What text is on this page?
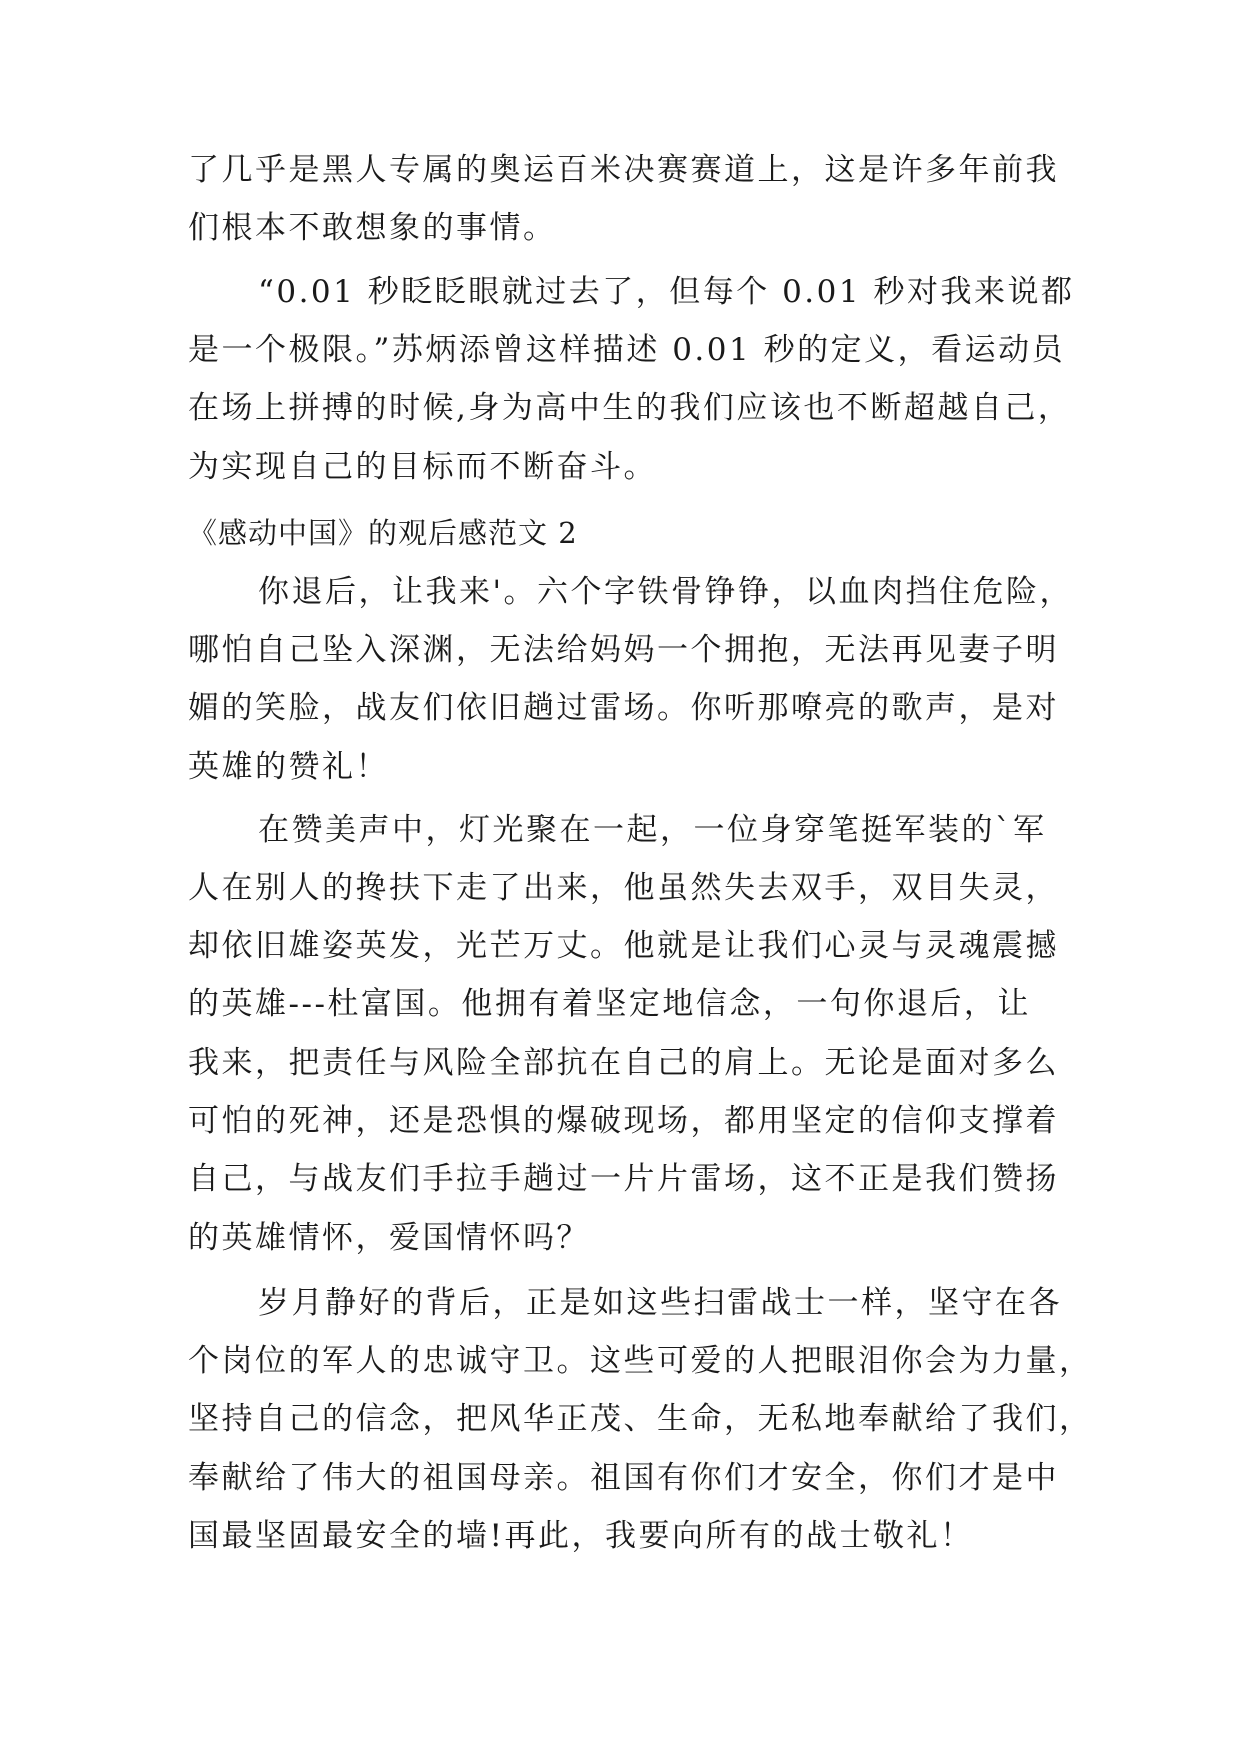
了几乎是黑人专属的奥运百米决赛赛道上，这是许多年前我
们根本不敢想象的事情。
“0.01 秒眨眨眼就过去了，但每个 0.01 秒对我来说都
是一个极限。”苏炳添曾这样描述 0.01 秒的定义，看运动员
在场上拼搏的时候,身为高中生的我们应该也不断超越自己，
为实现自己的目标而不断奋斗。
《感动中国》的观后感范文 2
你退后，让我来'。六个字铁骨铮铮，以血肉挡住危险，
哪怕自己坠入深渊，无法给妈妈一个拥抱，无法再见妻子明
媚的笑脸，战友们依旧趟过雷场。你听那嘹亮的歌声，是对
英雄的赞礼！
在赞美声中，灯光聚在一起，一位身穿笔挺军装的`军
人在别人的搀扶下走了出来，他虽然失去双手，双目失灵，
却依旧雄姿英发，光芒万丈。他就是让我们心灵与灵魂震撼
的英雄---杜富国。他拥有着坚定地信念，一句你退后，让
我来，把责任与风险全部抗在自己的肩上。无论是面对多么
可怕的死神，还是恐惧的爆破现场，都用坚定的信仰支撑着
自己，与战友们手拉手趟过一片片雷场，这不正是我们赞扬
的英雄情怀，爱国情怀吗？
岁月静好的背后，正是如这些扫雷战士一样，坚守在各
个岗位的军人的忠诚守卫。这些可爱的人把眼泪你会为力量，
坚持自己的信念，把风华正茂、生命，无私地奉献给了我们，
奉献给了伟大的祖国母亲。祖国有你们才安全，你们才是中
国最坚固最安全的墙!再此，我要向所有的战士敬礼！
